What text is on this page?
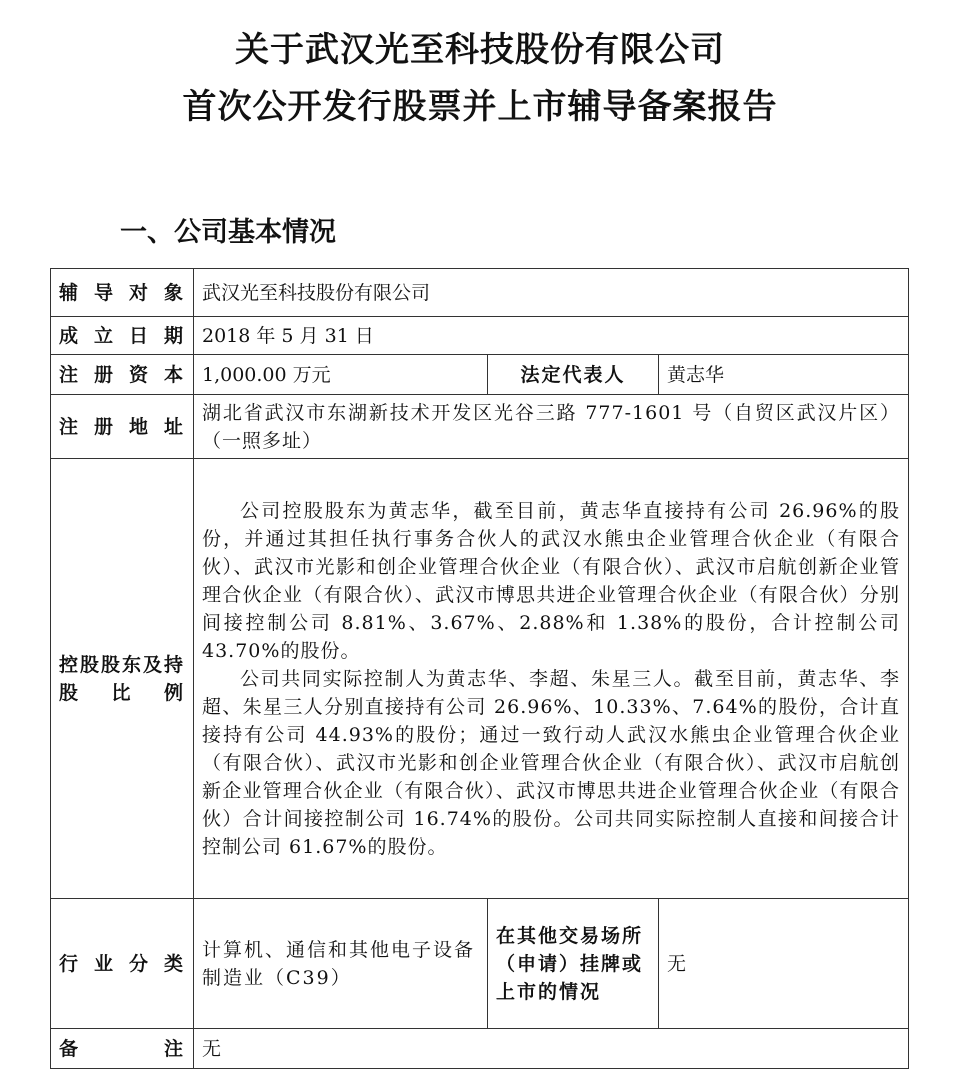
关于武汉光至科技股份有限公司
首次公开发行股票并上市辅导备案报告
一、公司基本情况
辅导对象	武汉光至科技股份有限公司		
成立日期	2018 年 5 月 31 日		
注册资本	1,000.00 万元	法定代表人	黄志华
注册地址	湖北省武汉市东湖新技术开发区光谷三路 777-1601 号（自贸区武汉片区）（一照多址）		
控股股东及持股比例	公司控股股东为黄志华，截至目前，黄志华直接持有公司 26.96%的股份，并通过其担任执行事务合伙人的武汉水熊虫企业管理合伙企业（有限合伙）、武汉市光影和创企业管理合伙企业（有限合伙）、武汉市启航创新企业管理合伙企业（有限合伙）、武汉市博思共进企业管理合伙企业（有限合伙）分别间接控制公司 8.81%、3.67%、2.88%和 1.38%的股份，合计控制公司 43.70%的股份。

公司共同实际控制人为黄志华、李超、朱星三人。截至目前，黄志华、李超、朱星三人分别直接持有公司 26.96%、10.33%、7.64%的股份，合计直接持有公司 44.93%的股份；通过一致行动人武汉水熊虫企业管理合伙企业（有限合伙）、武汉市光影和创企业管理合伙企业（有限合伙）、武汉市启航创新企业管理合伙企业（有限合伙）、武汉市博思共进企业管理合伙企业（有限合伙）合计间接控制公司 16.74%的股份。公司共同实际控制人直接和间接合计控制公司 61.67%的股份。		

行业分类	计算机、通信和其他电子设备制造业（C39）	在其他交易场所（申请）挂牌或上市的情况	无
备注	无		
